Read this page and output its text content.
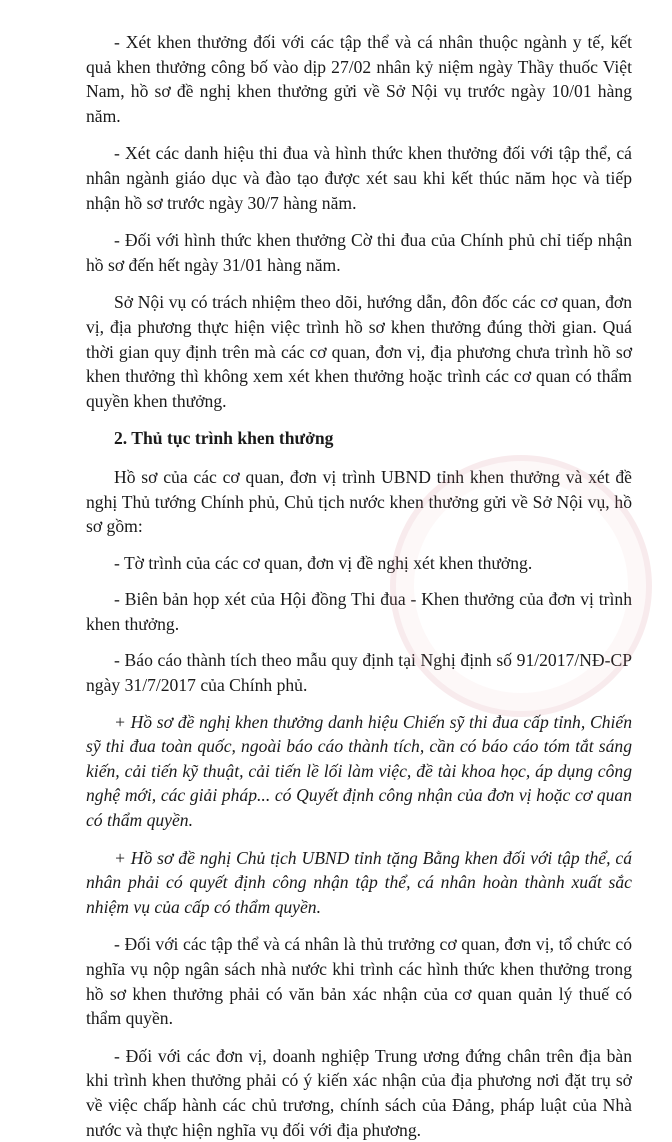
- Xét khen thưởng đối với các tập thể và cá nhân thuộc ngành y tế, kết quả khen thưởng công bố vào dịp 27/02 nhân kỷ niệm ngày Thầy thuốc Việt Nam, hồ sơ đề nghị khen thưởng gửi về Sở Nội vụ trước ngày 10/01 hàng năm.

- Xét các danh hiệu thi đua và hình thức khen thưởng đối với tập thể, cá nhân ngành giáo dục và đào tạo được xét sau khi kết thúc năm học và tiếp nhận hồ sơ trước ngày 30/7 hàng năm.

- Đối với hình thức khen thưởng Cờ thi đua của Chính phủ chỉ tiếp nhận hồ sơ đến hết ngày 31/01 hàng năm.

Sở Nội vụ có trách nhiệm theo dõi, hướng dẫn, đôn đốc các cơ quan, đơn vị, địa phương thực hiện việc trình hồ sơ khen thưởng đúng thời gian. Quá thời gian quy định trên mà các cơ quan, đơn vị, địa phương chưa trình hồ sơ khen thưởng thì không xem xét khen thưởng hoặc trình các cơ quan có thẩm quyền khen thưởng.

2. Thủ tục trình khen thưởng

Hồ sơ của các cơ quan, đơn vị trình UBND tỉnh khen thưởng và xét đề nghị Thủ tướng Chính phủ, Chủ tịch nước khen thưởng gửi về Sở Nội vụ, hồ sơ gồm:

- Tờ trình của các cơ quan, đơn vị đề nghị xét khen thưởng.

- Biên bản họp xét của Hội đồng Thi đua - Khen thưởng của đơn vị trình khen thưởng.

- Báo cáo thành tích theo mẫu quy định tại Nghị định số 91/2017/NĐ-CP ngày 31/7/2017 của Chính phủ.

+ Hồ sơ đề nghị khen thưởng danh hiệu Chiến sỹ thi đua cấp tỉnh, Chiến sỹ thi đua toàn quốc, ngoài báo cáo thành tích, cần có báo cáo tóm tắt sáng kiến, cải tiến kỹ thuật, cải tiến lề lối làm việc, đề tài khoa học, áp dụng công nghệ mới, các giải pháp... có Quyết định công nhận của đơn vị hoặc cơ quan có thẩm quyền.

+ Hồ sơ đề nghị Chủ tịch UBND tỉnh tặng Bằng khen đối với tập thể, cá nhân phải có quyết định công nhận tập thể, cá nhân hoàn thành xuất sắc nhiệm vụ của cấp có thẩm quyền.

- Đối với các tập thể và cá nhân là thủ trưởng cơ quan, đơn vị, tổ chức có nghĩa vụ nộp ngân sách nhà nước khi trình các hình thức khen thưởng trong hồ sơ khen thưởng phải có văn bản xác nhận của cơ quan quản lý thuế có thẩm quyền.

- Đối với các đơn vị, doanh nghiệp Trung ương đứng chân trên địa bàn khi trình khen thưởng phải có ý kiến xác nhận của địa phương nơi đặt trụ sở về việc chấp hành các chủ trương, chính sách của Đảng, pháp luật của Nhà nước và thực hiện nghĩa vụ đối với địa phương.
